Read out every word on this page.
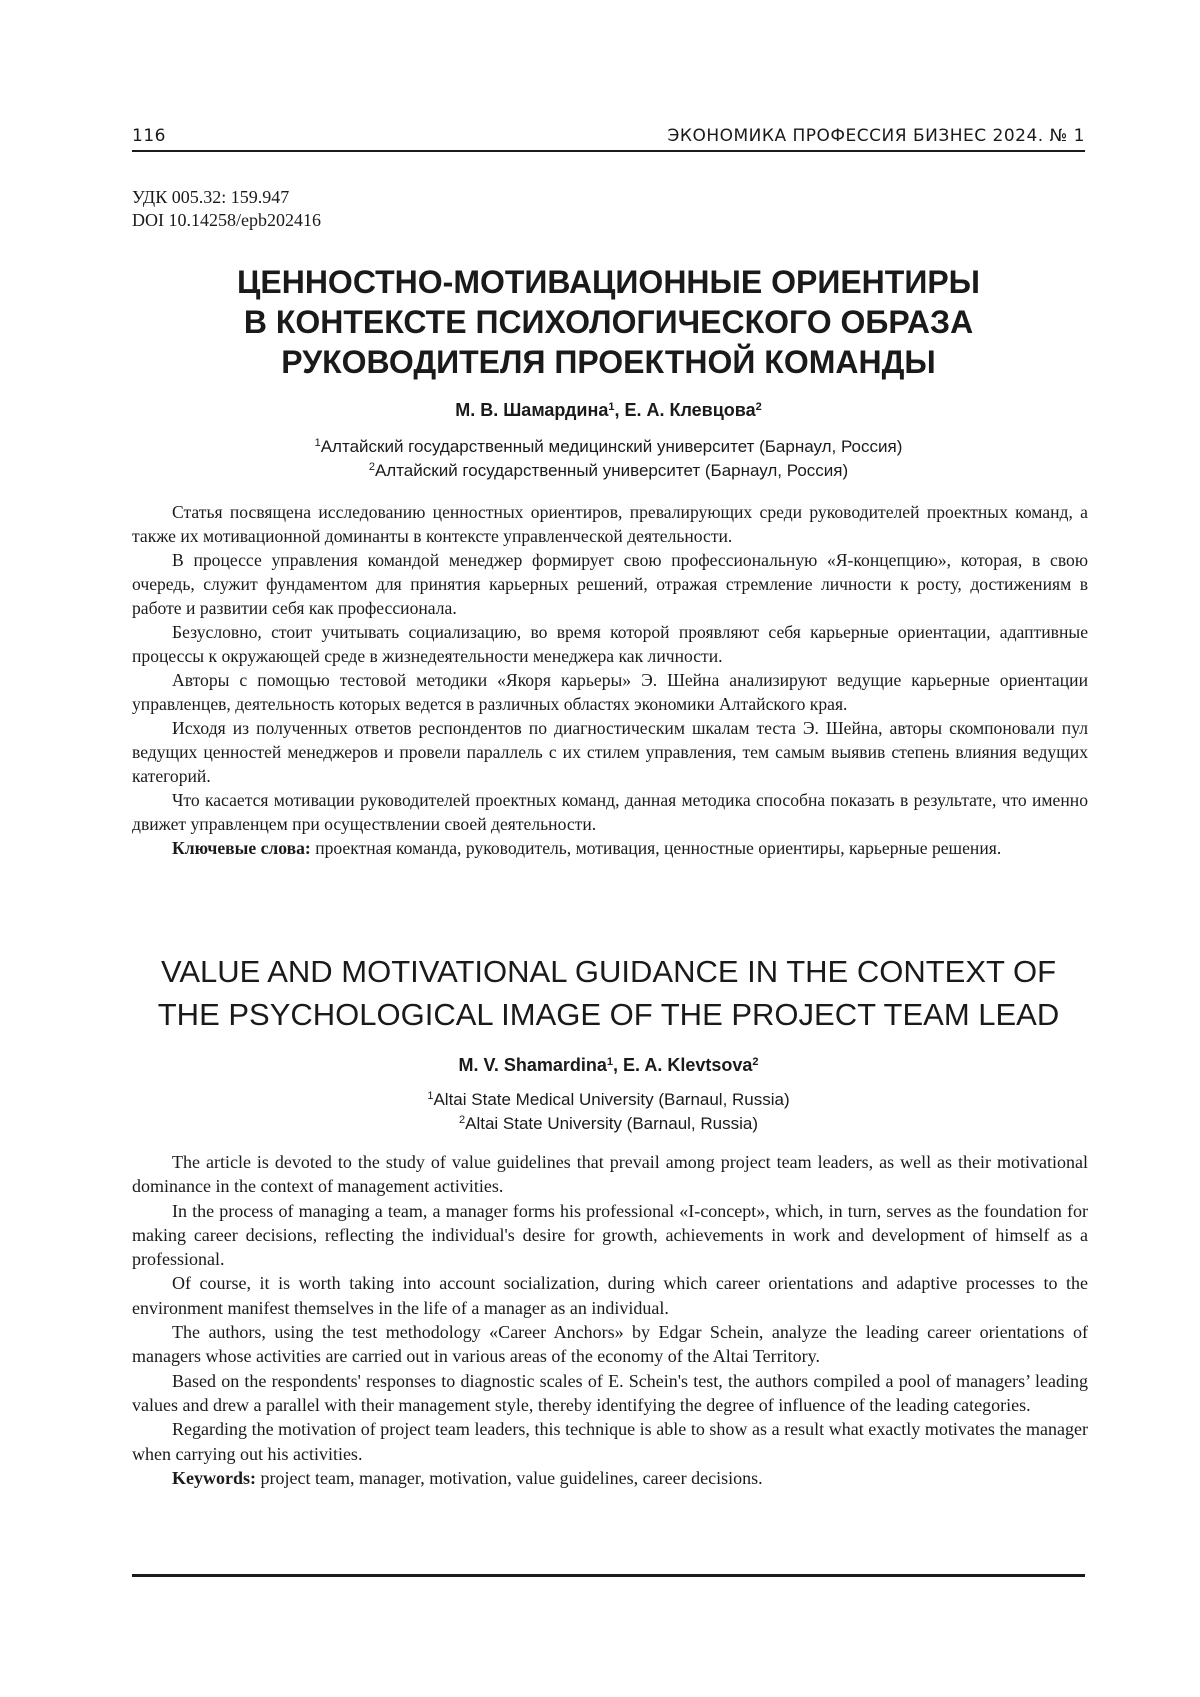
116	ЭКОНОМИКА ПРОФЕССИЯ БИЗНЕС 2024. № 1
УДК 005.32: 159.947
DOI 10.14258/epb202416
ЦЕННОСТНО-МОТИВАЦИОННЫЕ ОРИЕНТИРЫ
В КОНТЕКСТЕ ПСИХОЛОГИЧЕСКОГО ОБРАЗА
РУКОВОДИТЕЛЯ ПРОЕКТНОЙ КОМАНДЫ
М. В. Шамардина$^1$, Е. А. Клевцова$^2$
$^1$Алтайский государственный медицинский университет (Барнаул, Россия)
$^2$Алтайский государственный университет (Барнаул, Россия)

Статья посвящена исследованию ценностных ориентиров, превалирующих среди руководителей проектных команд, а также их мотивационной доминанты в контексте управленческой деятельности.

В процессе управления командой менеджер формирует свою профессиональную «Я-концепцию», которая, в свою очередь, служит фундаментом для принятия карьерных решений, отражая стремление личности к росту, достижениям в работе и развитии себя как профессионала.

Безусловно, стоит учитывать социализацию, во время которой проявляют себя карьерные ориентации, адаптивные процессы к окружающей среде в жизнедеятельности менеджера как личности.

Авторы с помощью тестовой методики «Якоря карьеры» Э. Шейна анализируют ведущие карьерные ориентации управленцев, деятельность которых ведется в различных областях экономики Алтайского края.

Исходя из полученных ответов респондентов по диагностическим шкалам теста Э. Шейна, авторы скомпоновали пул ведущих ценностей менеджеров и провели параллель с их стилем управления, тем самым выявив степень влияния ведущих категорий.

Что касается мотивации руководителей проектных команд, данная методика способна показать в результате, что именно движет управленцем при осуществлении своей деятельности.

Ключевые слова: проектная команда, руководитель, мотивация, ценностные ориентиры, карьерные решения.

VALUE AND MOTIVATIONAL GUIDANCE IN THE CONTEXT OF
THE PSYCHOLOGICAL IMAGE OF THE PROJECT TEAM LEAD
M. V. Shamardina$^1$, E. A. Klevtsova$^2$
$^1$Altai State Medical University (Barnaul, Russia)
$^2$Altai State University (Barnaul, Russia)

The article is devoted to the study of value guidelines that prevail among project team leaders, as well as their motivational dominance in the context of management activities.

In the process of managing a team, a manager forms his professional «I-concept», which, in turn, serves as the foundation for making career decisions, reflecting the individual's desire for growth, achievements in work and development of himself as a professional.

Of course, it is worth taking into account socialization, during which career orientations and adaptive processes to the environment manifest themselves in the life of a manager as an individual.

The authors, using the test methodology «Career Anchors» by Edgar Schein, analyze the leading career orientations of managers whose activities are carried out in various areas of the economy of the Altai Territory.

Based on the respondents' responses to diagnostic scales of E. Schein's test, the authors compiled a pool of managers’ leading values and drew a parallel with their management style, thereby identifying the degree of influence of the leading categories.

Regarding the motivation of project team leaders, this technique is able to show as a result what exactly motivates the manager when carrying out his activities.

Keywords: project team, manager, motivation, value guidelines, career decisions.
